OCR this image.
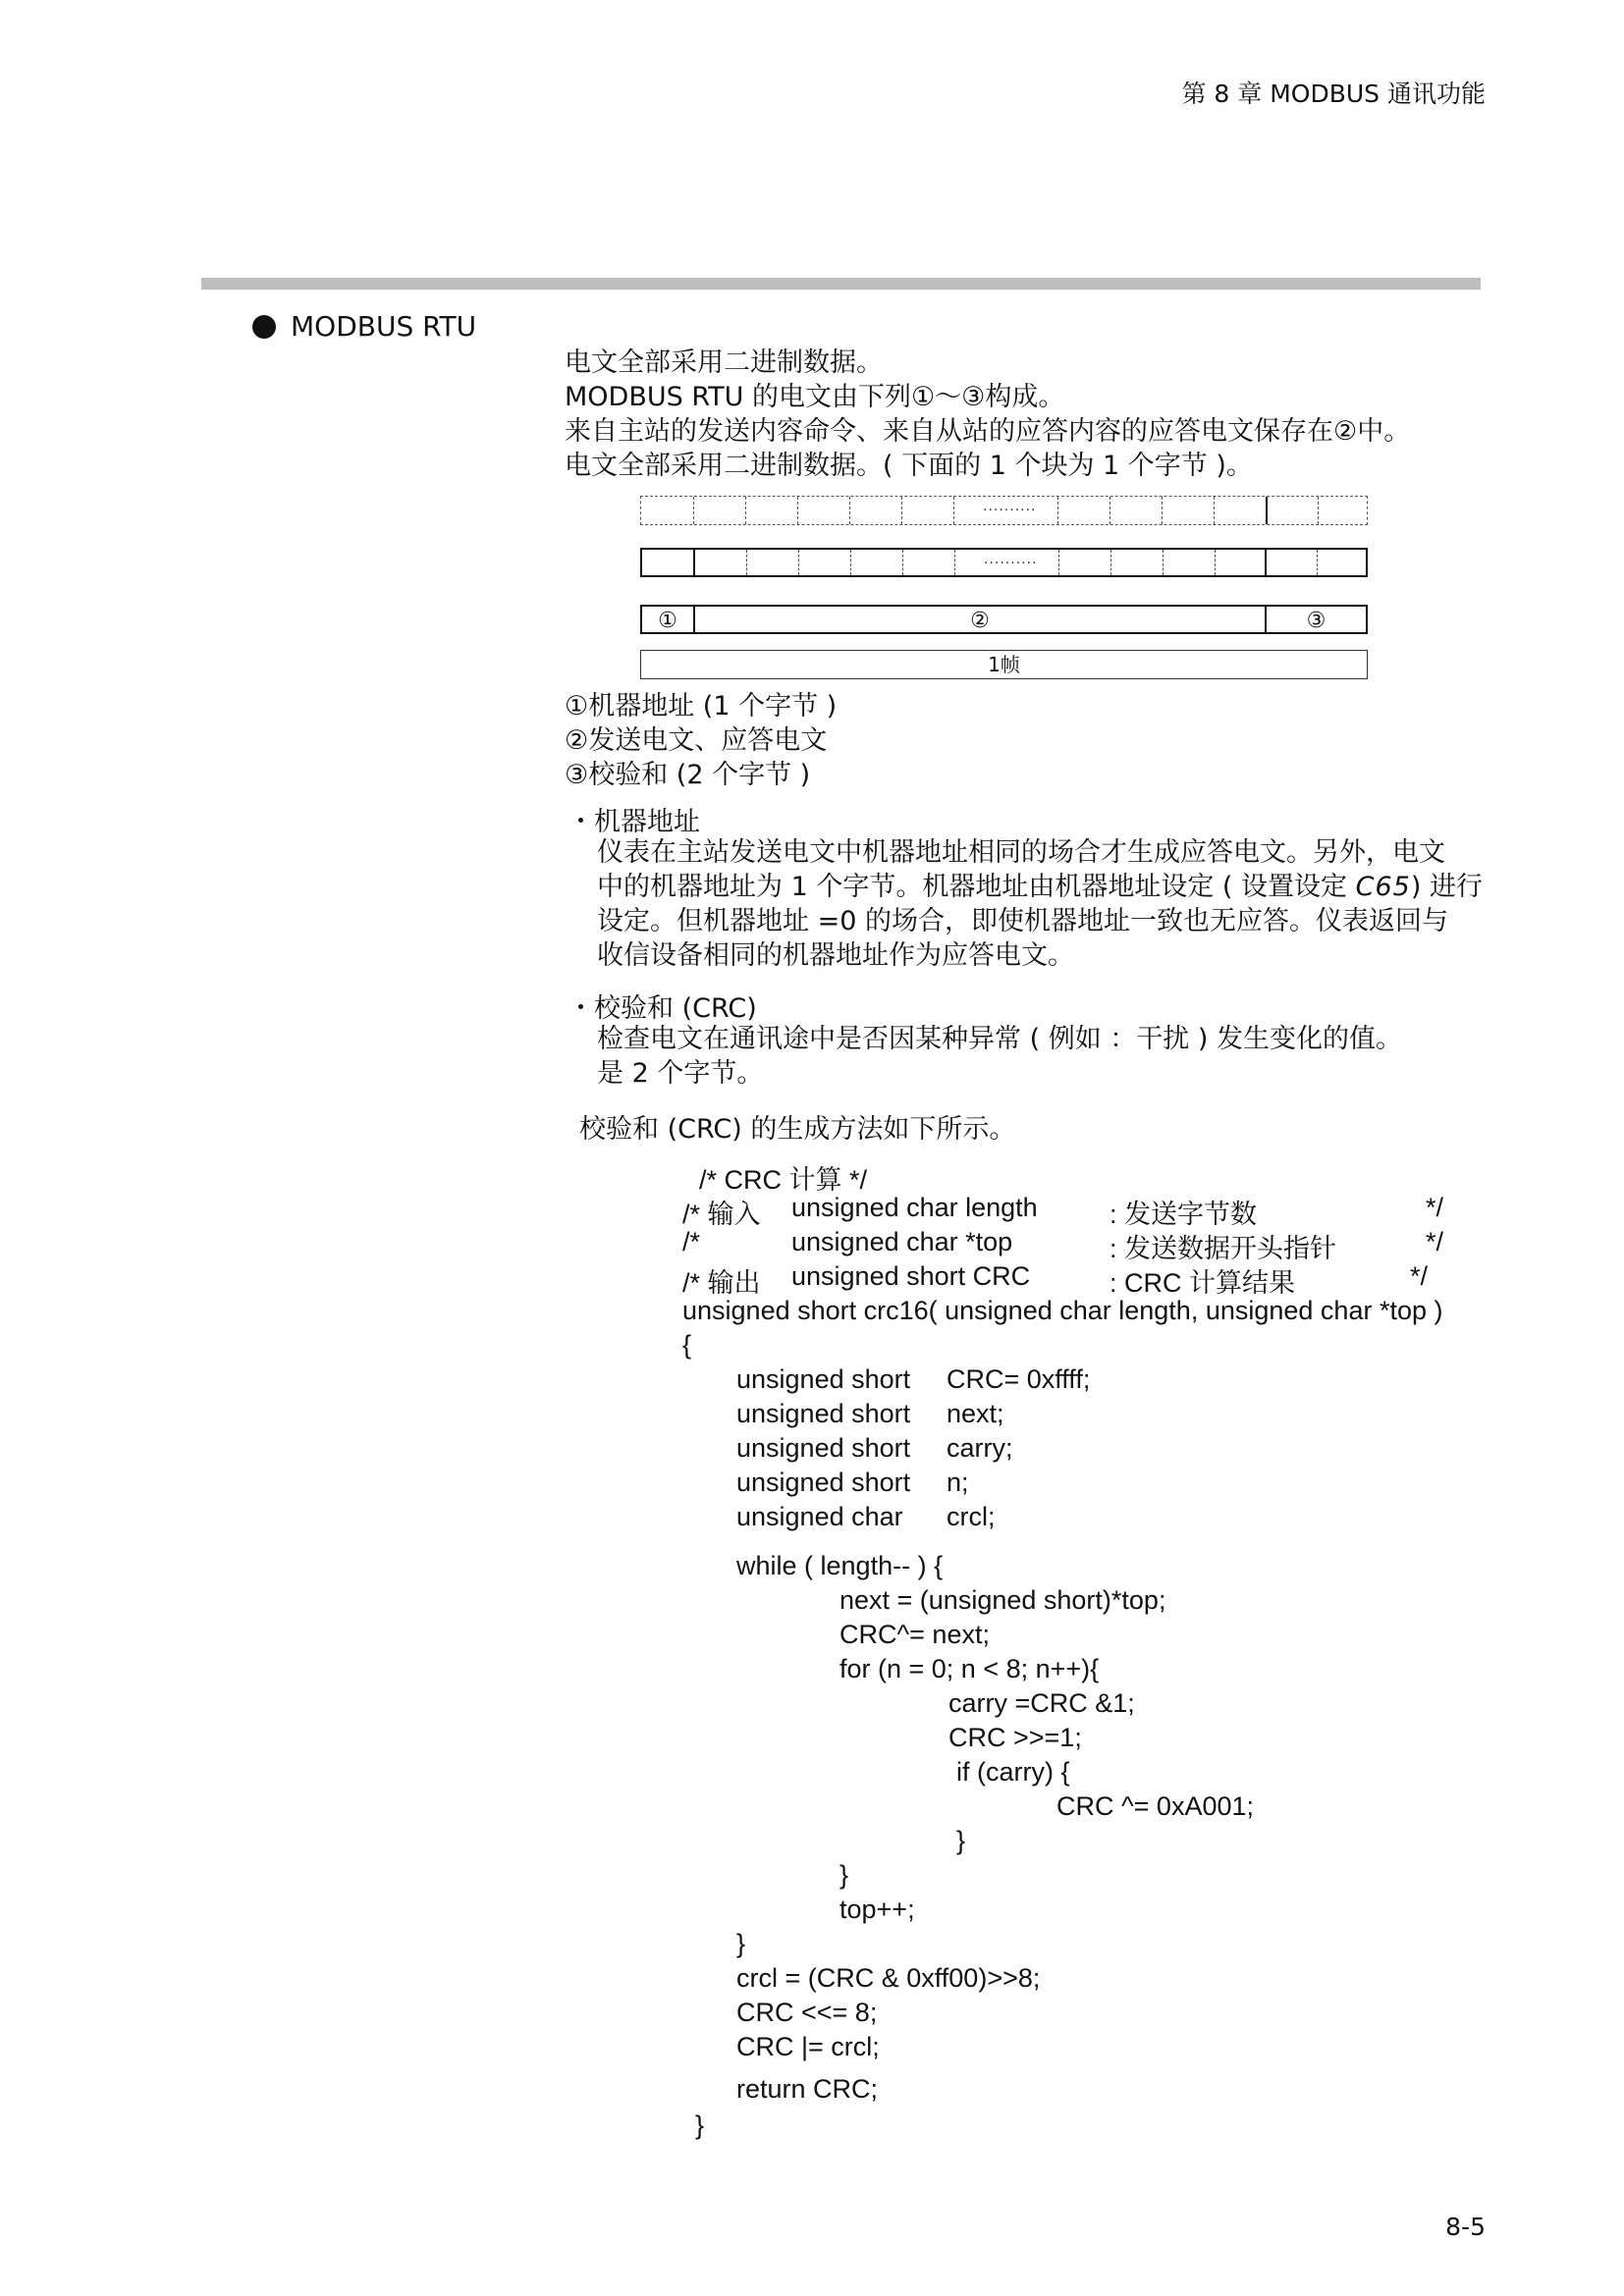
第 8 章 MODBUS 通讯功能
MODBUS RTU
电文全部采用二进制数据。
MODBUS RTU 的电文由下列①～③构成。
来自主站的发送内容命令、来自从站的应答内容的应答电文保存在②中。
电文全部采用二进制数据。( 下面的 1 个块为 1 个字节 )。
··········
··········
①	②	③
1帧
①机器地址 (1 个字节 )
②发送电文、应答电文
③校验和 (2 个字节 )
・机器地址
仪表在主站发送电文中机器地址相同的场合才生成应答电文。另外，电文
中的机器地址为 1 个字节。机器地址由机器地址设定 ( 设置设定 C65) 进行
设定。但机器地址 =0 的场合，即使机器地址一致也无应答。仪表返回与
收信设备相同的机器地址作为应答电文。
・校验和 (CRC)
检查电文在通讯途中是否因某种异常 ( 例如 ：干扰 ) 发生变化的值。
是 2 个字节。
校验和 (CRC) 的生成方法如下所示。
/* CRC 计算 */
/* 输入 unsigned char length	: 发送字节数	*/
/*	unsigned char *top	: 发送数据开头指针	*/
/* 输出 unsigned short CRC	: CRC 计算结果	*/
unsigned short crc16( unsigned char length, unsigned char *top )
{
unsigned short CRC= 0xffff;
unsigned short next;
unsigned short carry;
unsigned short n;
unsigned char crcl;
while ( length-- ) {
next = (unsigned short)*top;
CRC^= next;
for (n = 0; n < 8; n++){
carry =CRC &1;
CRC >>=1;
if (carry) {
CRC ^= 0xA001;
}
}
top++;
}
crcl = (CRC & 0xff00)>>8;
CRC <<= 8;
CRC |= crcl;
return CRC;
}
8-5
